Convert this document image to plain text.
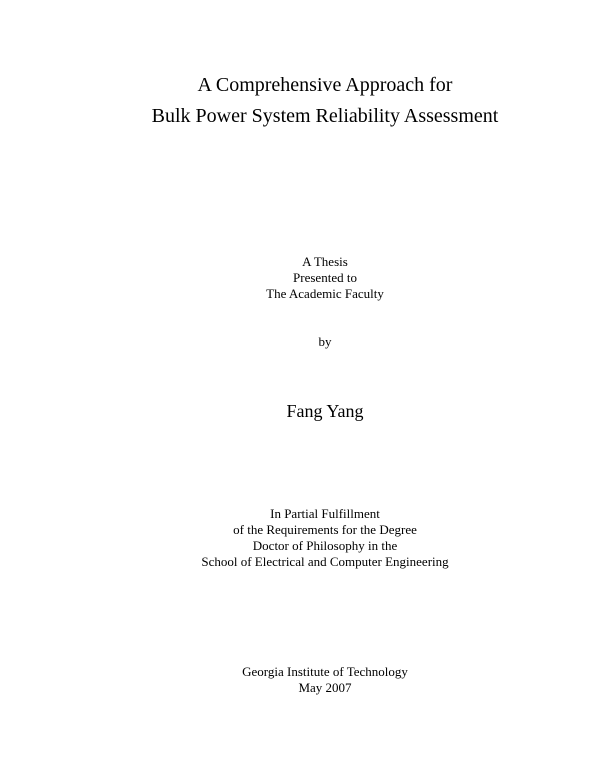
A Comprehensive Approach for
Bulk Power System Reliability Assessment
A Thesis
Presented to
The Academic Faculty
by
Fang Yang
In Partial Fulfillment
of the Requirements for the Degree
Doctor of Philosophy in the
School of Electrical and Computer Engineering
Georgia Institute of Technology
May 2007
